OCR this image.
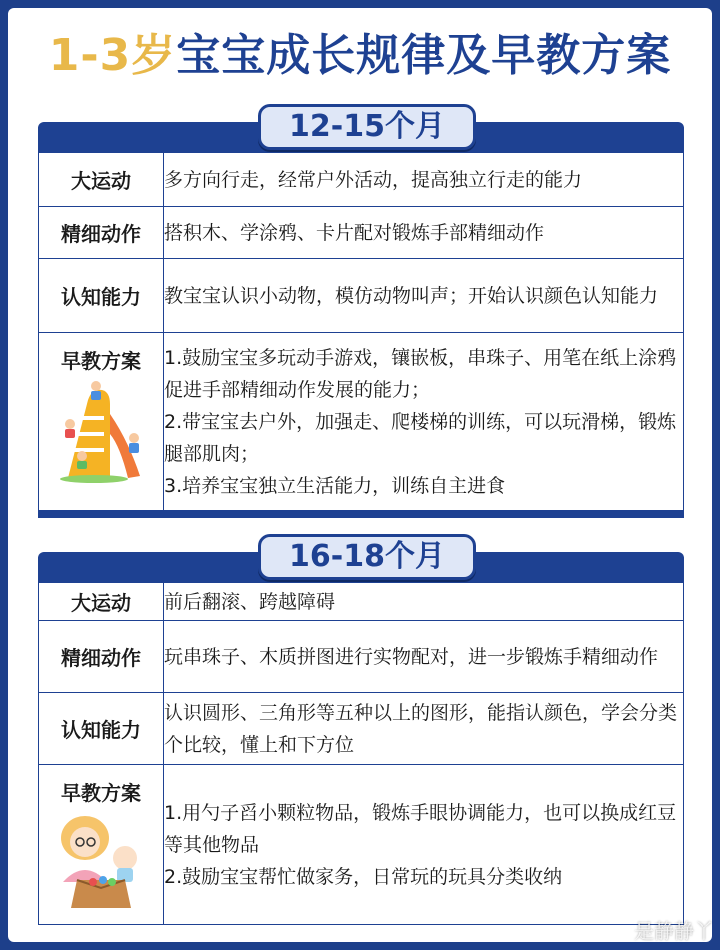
1-3岁宝宝成长规律及早教方案
12-15个月
大运动	多方向行走，经常户外活动，提高独立行走的能力
精细动作	搭积木、学涂鸦、卡片配对锻炼手部精细动作
认知能力	教宝宝认识小动物，模仿动物叫声；开始认识颜色认知能力

早教方案	1.鼓励宝宝多玩动手游戏，镶嵌板，串珠子、用笔在纸上涂鸦促进手部精细动作发展的能力；

2.带宝宝去户外，加强走、爬楼梯的训练，可以玩滑梯，锻炼腿部肌肉；

3.培养宝宝独立生活能力，训练自主进食

16-18个月
大运动	前后翻滚、跨越障碍
精细动作	玩串珠子、木质拼图进行实物配对，进一步锻炼手精细动作
认知能力	认识圆形、三角形等五种以上的图形，能指认颜色，学会分类个比较，懂上和下方位

早教方案	1.用勺子舀小颗粒物品，锻炼手眼协调能力，也可以换成红豆等其他物品

2.鼓励宝宝帮忙做家务，日常玩的玩具分类收纳

是静静丫
